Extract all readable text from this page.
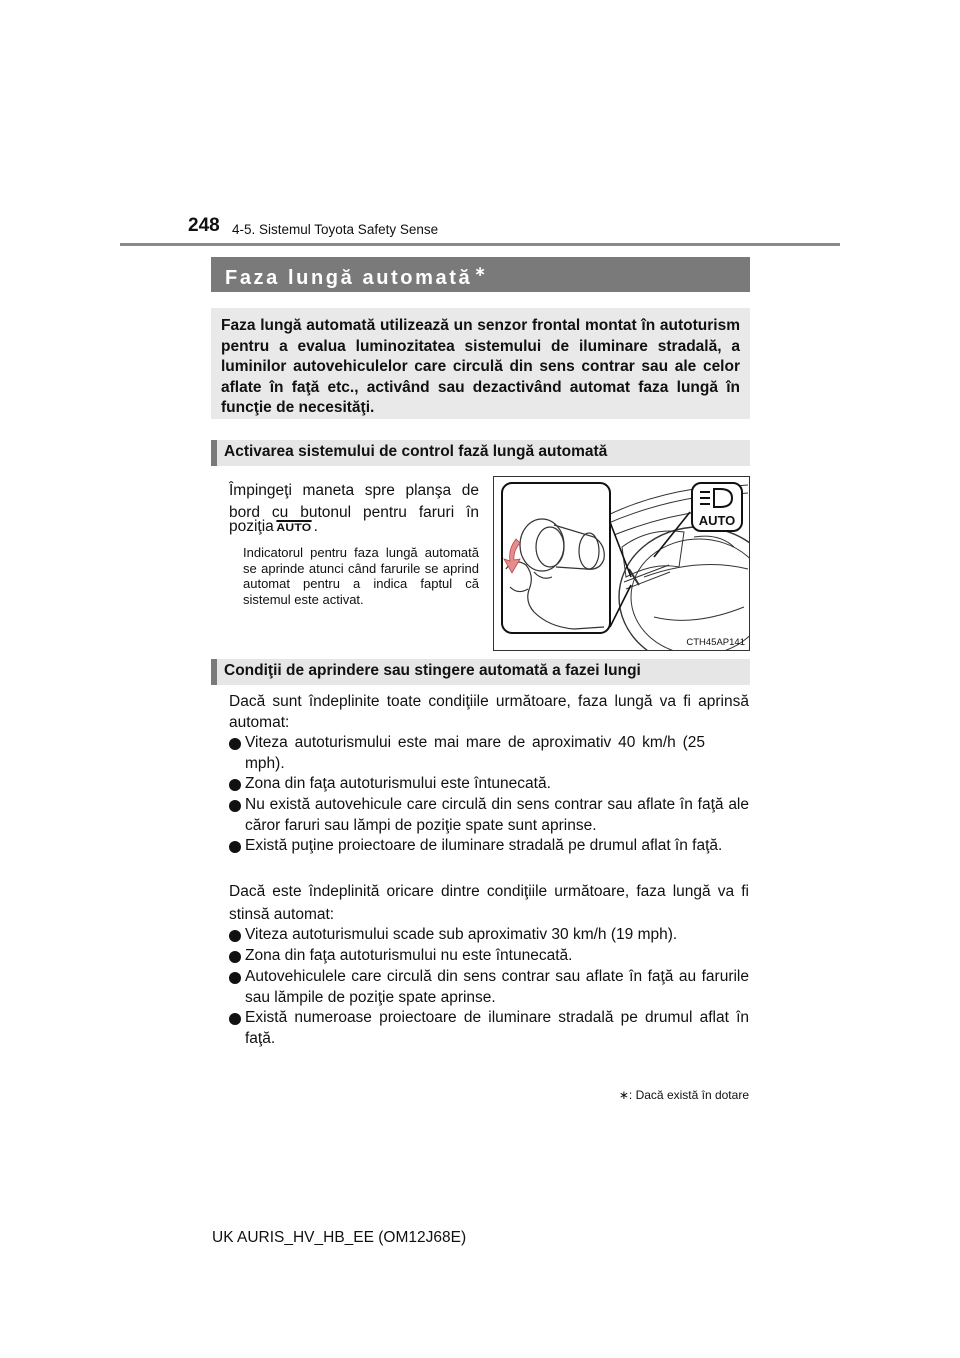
248 4-5. Sistemul Toyota Safety Sense
Faza lungă automată ∗
Faza lungă automată utilizează un senzor frontal montat în autoturism pentru a evalua luminozitatea sistemului de iluminare stradală, a luminilor autovehiculelor care circulă din sens contrar sau ale celor aflate în faţă etc., activând sau dezactivând automat faza lungă în funcţie de necesităţi.
Activarea sistemului de control fază lungă automată
Împingeţi maneta spre planşa de
bord cu butonul pentru faruri în
poziţia AUTO .
Indicatorul pentru faza lungă automată se aprinde atunci când farurile se aprind automat pentru a indica faptul că sistemul este activat.
AUTO
CTH45AP141
Condiţii de aprindere sau stingere automată a fazei lungi
Dacă sunt îndeplinite toate condiţiile următoare, faza lungă va fi aprinsă automat:
Viteza autoturismului este mai mare de aproximativ 40 km/h (25 mph).
Zona din faţa autoturismului este întunecată.
Nu există autovehicule care circulă din sens contrar sau aflate în faţă ale căror faruri sau lămpi de poziţie spate sunt aprinse.
Există puţine proiectoare de iluminare stradală pe drumul aflat în faţă.
Dacă este îndeplinită oricare dintre condiţiile următoare, faza lungă va fi stinsă automat:
Viteza autoturismului scade sub aproximativ 30 km/h (19 mph).
Zona din faţa autoturismului nu este întunecată.
Autovehiculele care circulă din sens contrar sau aflate în faţă au farurile sau lămpile de poziţie spate aprinse.
Există numeroase proiectoare de iluminare stradală pe drumul aflat în faţă.
∗: Dacă există în dotare
UK AURIS_HV_HB_EE (OM12J68E)
